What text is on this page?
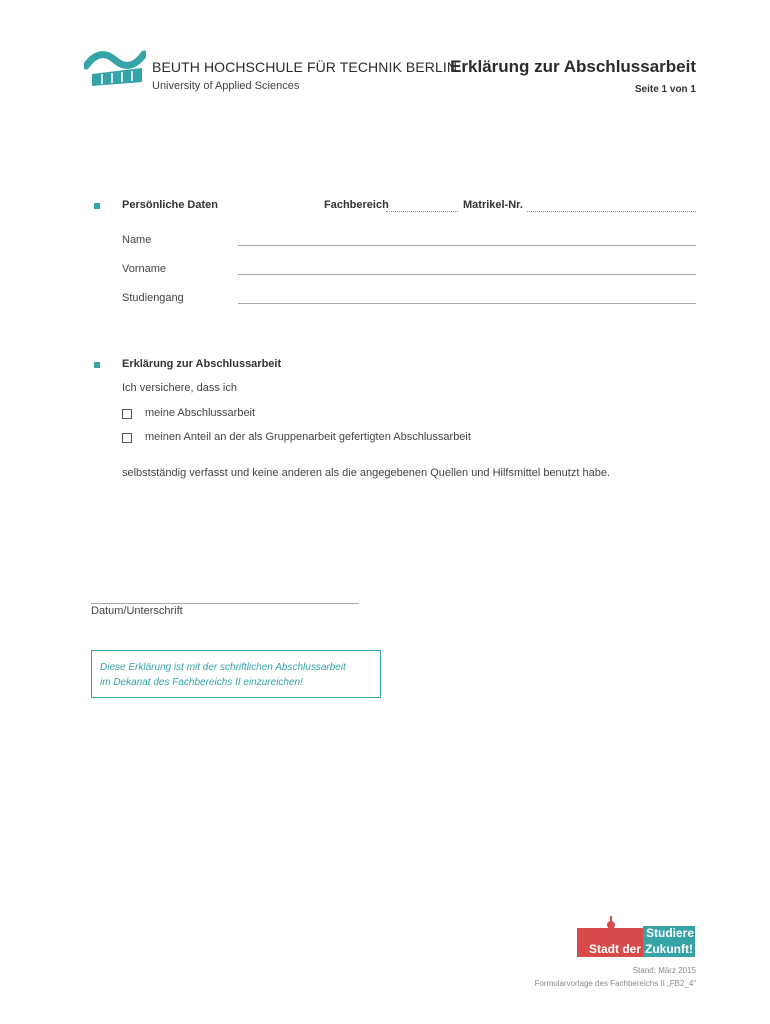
BEUTH HOCHSCHULE FÜR TECHNIK BERLIN
University of Applied Sciences
Erklärung zur Abschlussarbeit
Seite 1 von 1
Persönliche Daten	Fachbereich	Matrikel-Nr.
Name
Vorname
Studiengang
Erklärung zur Abschlussarbeit
Ich versichere, dass ich
meine Abschlussarbeit
meinen Anteil an der als Gruppenarbeit gefertigten Abschlussarbeit
selbstständig verfasst und keine anderen als die angegebenen Quellen und Hilfsmittel benutzt habe.
Datum/Unterschrift
Diese Erklärung ist mit der schriftlichen Abschlussarbeit
im Dekanat des Fachbereichs II einzureichen!
Studiere
Stadt der Zukunft!
Stand: März 2015
Formularvorlage des Fachbereichs II „FB2_4“
